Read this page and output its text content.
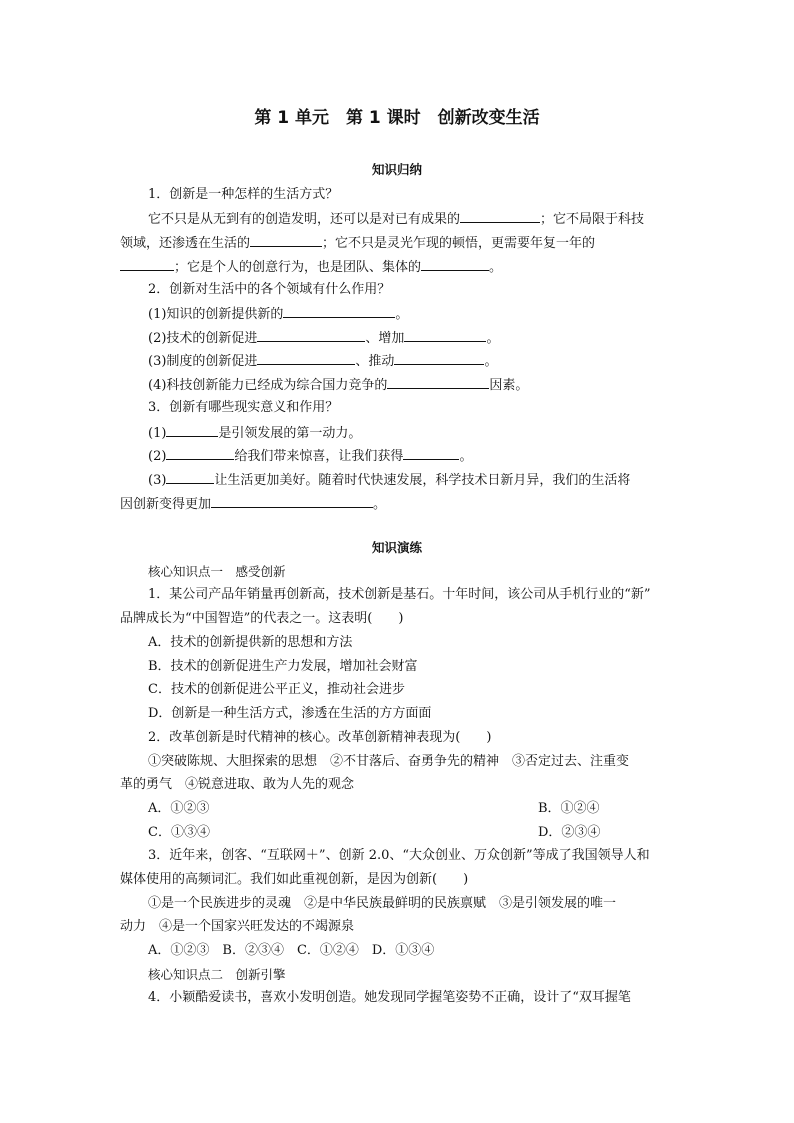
第 1 单元　第 1 课时　创新改变生活
知识归纳
1．创新是一种怎样的生活方式？
它不只是从无到有的创造发明，还可以是对已有成果的	；它不局限于科技
领域，还渗透在生活的	；它不只是灵光乍现的顿悟，更需要年复一年的
；它是个人的创意行为，也是团队、集体的	。
2．创新对生活中的各个领域有什么作用？
(1)知识的创新提供新的	。
(2)技术的创新促进	、增加	。
(3)制度的创新促进	、推动	。
(4)科技创新能力已经成为综合国力竞争的	因素。
3．创新有哪些现实意义和作用？
(1)	是引领发展的第一动力。
(2)	给我们带来惊喜，让我们获得	。
(3)	让生活更加美好。随着时代快速发展，科学技术日新月异，我们的生活将
因创新变得更加	。
知识演练
核心知识点一　感受创新
1．某公司产品年销量再创新高，技术创新是基石。十年时间，该公司从手机行业的“新”
品牌成长为“中国智造”的代表之一。这表明(　　)
A．技术的创新提供新的思想和方法
B．技术的创新促进生产力发展，增加社会财富
C．技术的创新促进公平正义，推动社会进步
D．创新是一种生活方式，渗透在生活的方方面面
2．改革创新是时代精神的核心。改革创新精神表现为(　　)
①突破陈规、大胆探索的思想　②不甘落后、奋勇争先的精神　③否定过去、注重变
革的勇气　④锐意进取、敢为人先的观念
A．①②③	B．①②④
C．①③④	D．②③④
3．近年来，创客、“互联网＋”、创新 2.0、“大众创业、万众创新”等成了我国领导人和
媒体使用的高频词汇。我们如此重视创新，是因为创新(　　)
①是一个民族进步的灵魂　②是中华民族最鲜明的民族禀赋　③是引领发展的唯一
动力　④是一个国家兴旺发达的不竭源泉
A．①②③　B．②③④　C．①②④　D．①③④
核心知识点二　创新引擎
4．小颖酷爱读书，喜欢小发明创造。她发现同学握笔姿势不正确，设计了“双耳握笔
